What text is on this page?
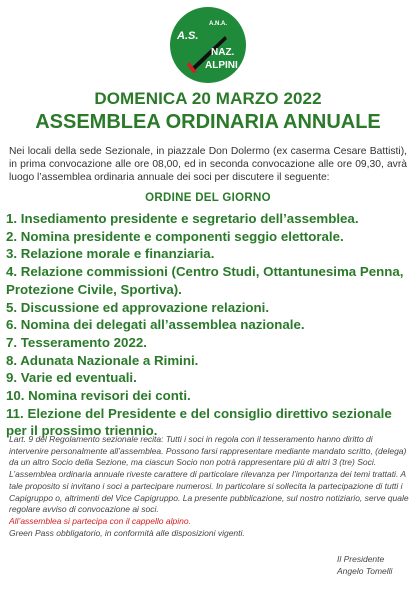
A.N.A.
A.S.
NAZ.
ALPINI
DOMENICA 20 MARZO 2022
ASSEMBLEA ORDINARIA ANNUALE
Nei locali della sede Sezionale, in piazzale Don Dolermo (ex caserma Cesare Battisti), in prima convocazione alle ore 08,00, ed in seconda convocazione alle ore 09,30, avrà luogo l’assemblea ordinaria annuale dei soci per discutere il seguente:
ORDINE DEL GIORNO
1. Insediamento presidente e segretario dell’assemblea.
2. Nomina presidente e componenti seggio elettorale.
3. Relazione morale e finanziaria.
4. Relazione commissioni (Centro Studi, Ottantunesima Penna, Protezione Civile, Sportiva).
5. Discussione ed approvazione relazioni.
6. Nomina dei delegati all’assemblea nazionale.
7. Tesseramento 2022.
8. Adunata Nazionale a Rimini.
9. Varie ed eventuali.
10. Nomina revisori dei conti.
11. Elezione del Presidente e del consiglio direttivo sezionale per il prossimo triennio.

Lart. 9 del Regolamento sezionale recita: Tutti i soci in regola con il tesseramento hanno diritto di intervenire personalmente all’assemblea. Possono farsi rappresentare mediante mandato scritto, (delega) da un altro Socio della Sezione, ma ciascun Socio non potrà rappresentare più di altri 3 (tre) Soci. L’assemblea ordinaria annuale riveste carattere di particolare rilevanza per l’importanza dei temi trattati. A tale proposito si invitano i soci a partecipare numerosi. In particolare si sollecita la partecipazione di tutti i Capigruppo o, altrimenti del Vice Capigruppo. La presente pubblicazione, sul nostro notiziario, serve quale regolare avviso di convocazione ai soci.

All’assemblea si partecipa con il cappello alpino.

Green Pass obbligatorio, in conformità alle disposizioni vigenti.

Il Presidente
Angelo Tomelli
